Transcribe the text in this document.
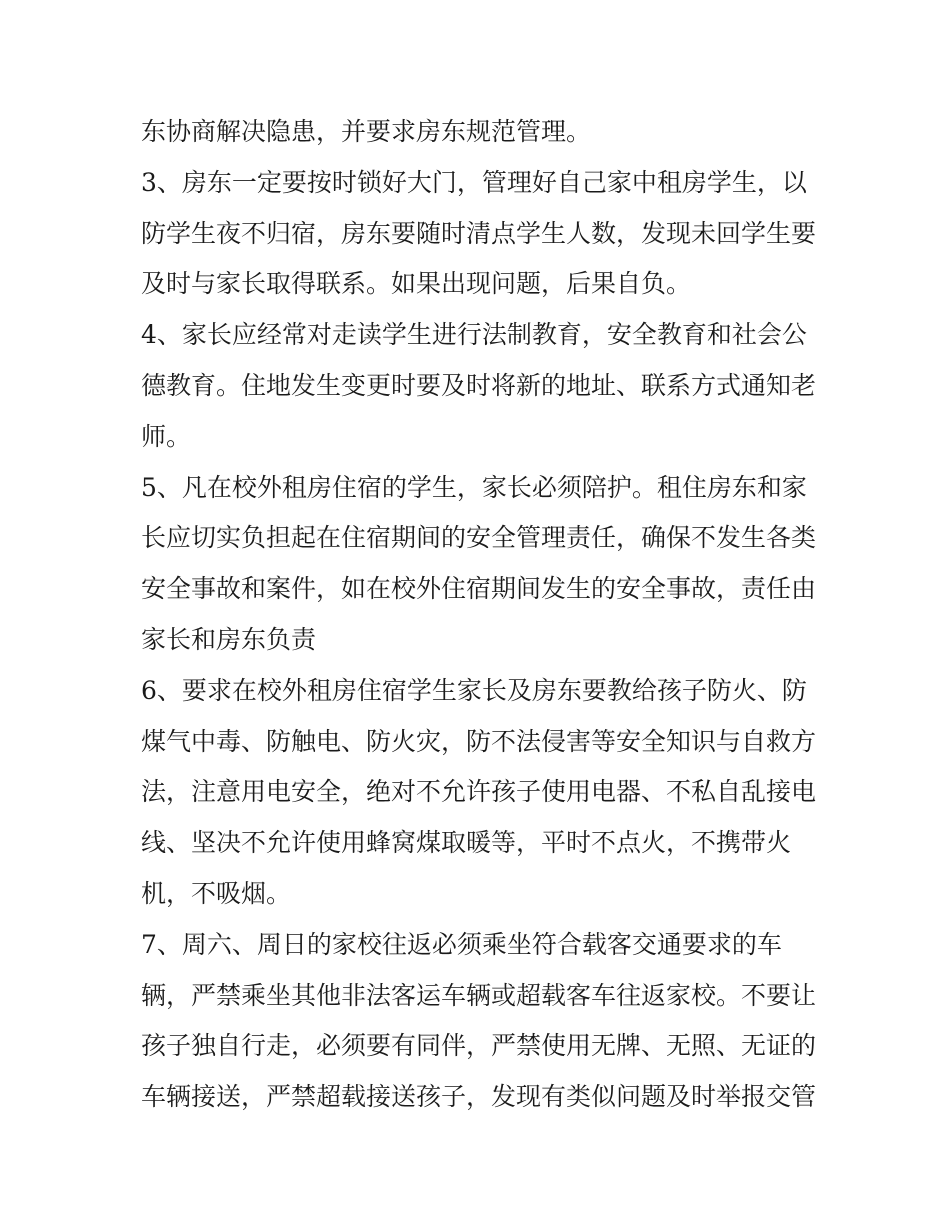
东协商解决隐患，并要求房东规范管理。
3、房东一定要按时锁好大门，管理好自己家中租房学生，以
防学生夜不归宿，房东要随时清点学生人数，发现未回学生要
及时与家长取得联系。如果出现问题，后果自负。
4、家长应经常对走读学生进行法制教育，安全教育和社会公
德教育。住地发生变更时要及时将新的地址、联系方式通知老
师。
5、凡在校外租房住宿的学生，家长必须陪护。租住房东和家
长应切实负担起在住宿期间的安全管理责任，确保不发生各类
安全事故和案件，如在校外住宿期间发生的安全事故，责任由
家长和房东负责
6、要求在校外租房住宿学生家长及房东要教给孩子防火、防
煤气中毒、防触电、防火灾，防不法侵害等安全知识与自救方
法，注意用电安全，绝对不允许孩子使用电器、不私自乱接电
线、坚决不允许使用蜂窝煤取暖等，平时不点火，不携带火
机，不吸烟。
7、周六、周日的家校往返必须乘坐符合载客交通要求的车
辆，严禁乘坐其他非法客运车辆或超载客车往返家校。不要让
孩子独自行走，必须要有同伴，严禁使用无牌、无照、无证的
车辆接送，严禁超载接送孩子，发现有类似问题及时举报交管
